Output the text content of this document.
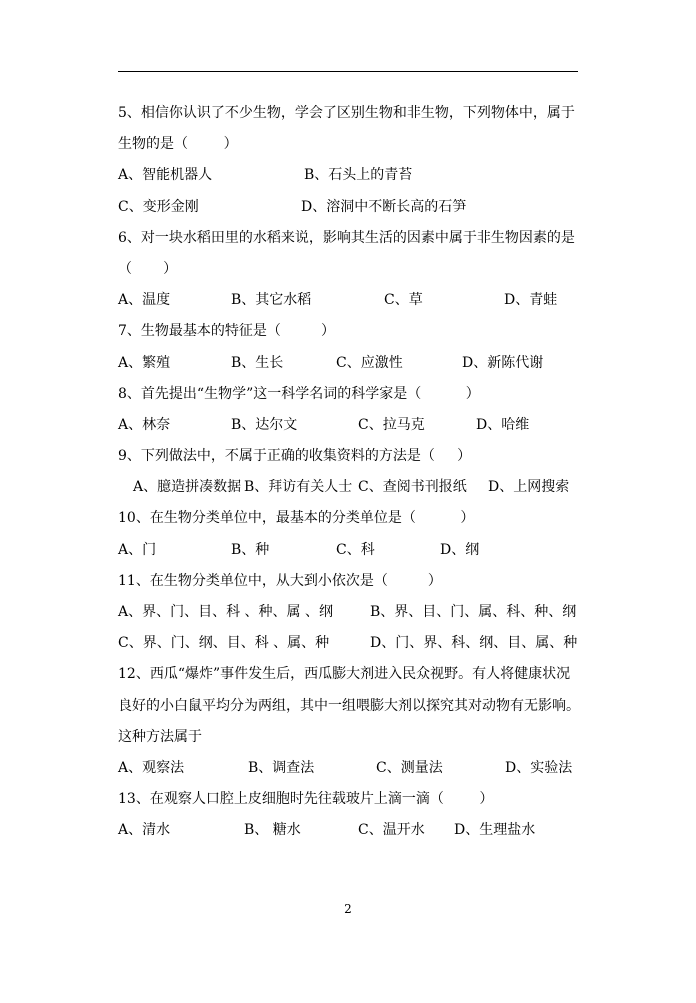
5、相信你认识了不少生物，学会了区别生物和非生物，下列物体中，属于
生物的是（        ）

A、智能机器人

	B、石头上的青苔

C、变形金刚

	D、溶洞中不断长高的石笋

6、对一块水稻田里的水稻来说，影响其生活的因素中属于非生物因素的是
（       ）

A、温度

	B、其它水稻

	C、草

	D、青蛙

7、生物最基本的特征是（         ）

A、繁殖

	B、生长

	C、应激性

	D、新陈代谢

8、首先提出“生物学”这一科学名词的科学家是（          ）

A、林奈

	B、达尔文

	C、拉马克

	D、哈维

9、下列做法中，不属于正确的收集资料的方法是（     ）

A、臆造拼凑数据

B、拜访有关人士

C、查阅书刊报纸

D、上网搜索

10、在生物分类单位中，最基本的分类单位是（          ）

A、门

	B、种

	C、科

	D、纲

11、在生物分类单位中，从大到小依次是（         ）

A、界、门、目、科 、种、属 、纲

	B、界、目、门、属、科、种、纲

C、界、门、纲、目、科 、属、种

	D、门、界、科、纲、目、属、种

12、西瓜“爆炸”事件发生后，西瓜膨大剂进入民众视野。有人将健康状况
良好的小白鼠平均分为两组，其中一组喂膨大剂以探究其对动物有无影响。
这种方法属于

A、观察法

	B、调查法

	C、测量法

	D、实验法

13、在观察人口腔上皮细胞时先往载玻片上滴一滴（        ）

A、清水

	B、 糖水

	C、温开水

D、生理盐水

2
